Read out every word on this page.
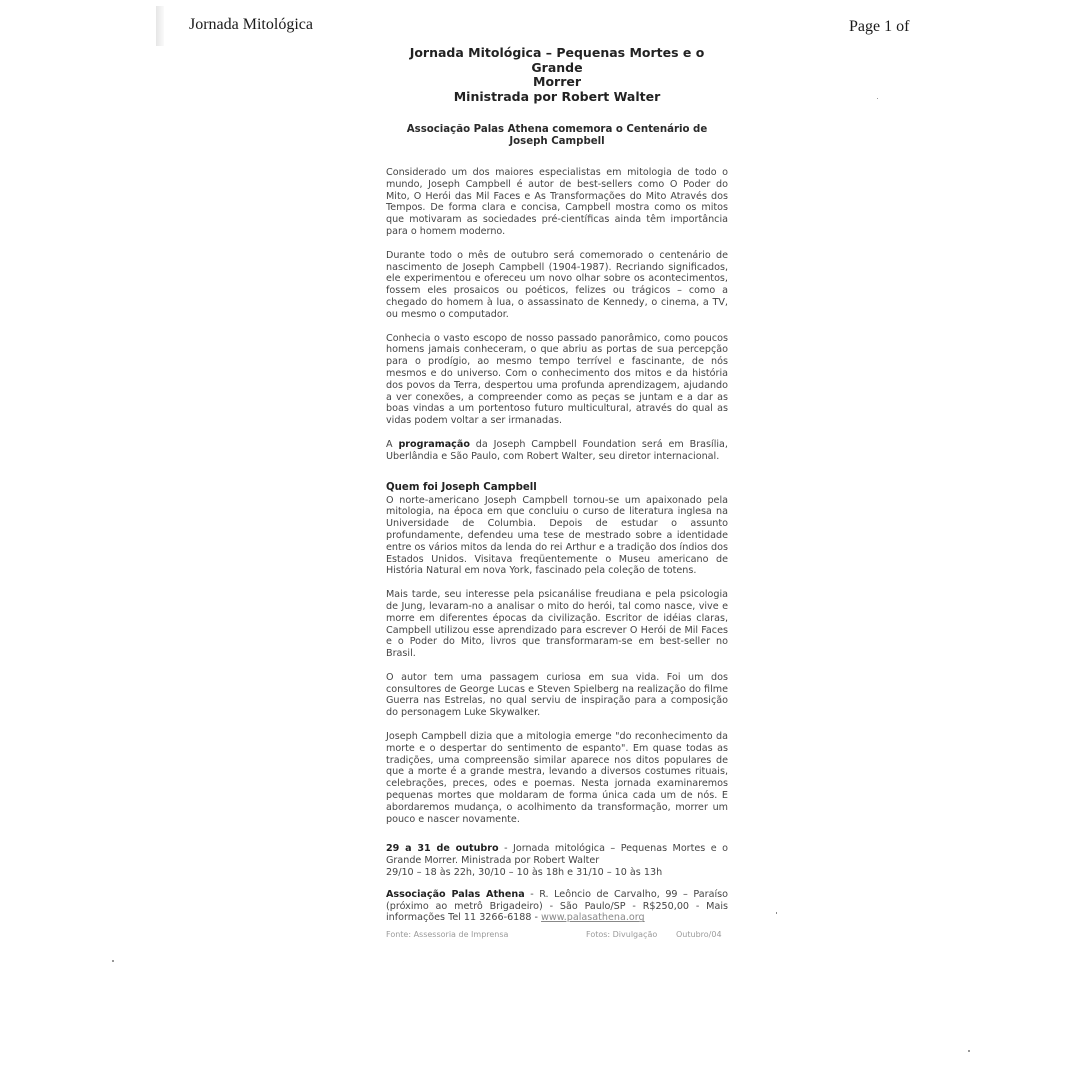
Jornada Mitológica	Page 1 of
Jornada Mitológica – Pequenas Mortes e o Grande
Morrer
Ministrada por Robert Walter
Associação Palas Athena comemora o Centenário de Joseph Campbell

Considerado um dos maiores especialistas em mitologia de todo o mundo, Joseph Campbell é autor de best-sellers como O Poder do Mito, O Herói das Mil Faces e As Transformações do Mito Através dos Tempos. De forma clara e concisa, Campbell mostra como os mitos que motivaram as sociedades pré-científicas ainda têm importância para o homem moderno.

Durante todo o mês de outubro será comemorado o centenário de nascimento de Joseph Campbell (1904-1987). Recriando significados, ele experimentou e ofereceu um novo olhar sobre os acontecimentos, fossem eles prosaicos ou poéticos, felizes ou trágicos – como a chegado do homem à lua, o assassinato de Kennedy, o cinema, a TV, ou mesmo o computador.

Conhecia o vasto escopo de nosso passado panorâmico, como poucos homens jamais conheceram, o que abriu as portas de sua percepção para o prodígio, ao mesmo tempo terrível e fascinante, de nós mesmos e do universo. Com o conhecimento dos mitos e da história dos povos da Terra, despertou uma profunda aprendizagem, ajudando a ver conexões, a compreender como as peças se juntam e a dar as boas vindas a um portentoso futuro multicultural, através do qual as vidas podem voltar a ser irmanadas.

A programação da Joseph Campbell Foundation será em Brasília, Uberlândia e São Paulo, com Robert Walter, seu diretor internacional.

Quem foi Joseph Campbell

O norte-americano Joseph Campbell tornou-se um apaixonado pela mitologia, na época em que concluiu o curso de literatura inglesa na Universidade de Columbia. Depois de estudar o assunto profundamente, defendeu uma tese de mestrado sobre a identidade entre os vários mitos da lenda do rei Arthur e a tradição dos índios dos Estados Unidos. Visitava freqüentemente o Museu americano de História Natural em nova York, fascinado pela coleção de totens.

Mais tarde, seu interesse pela psicanálise freudiana e pela psicologia de Jung, levaram-no a analisar o mito do herói, tal como nasce, vive e morre em diferentes épocas da civilização. Escritor de idéias claras, Campbell utilizou esse aprendizado para escrever O Herói de Mil Faces e o Poder do Mito, livros que transformaram-se em best-seller no Brasil.

O autor tem uma passagem curiosa em sua vida. Foi um dos consultores de George Lucas e Steven Spielberg na realização do filme Guerra nas Estrelas, no qual serviu de inspiração para a composição do personagem Luke Skywalker.

Joseph Campbell dizia que a mitologia emerge "do reconhecimento da morte e o despertar do sentimento de espanto". Em quase todas as tradições, uma compreensão similar aparece nos ditos populares de que a morte é a grande mestra, levando a diversos costumes rituais, celebrações, preces, odes e poemas. Nesta jornada examinaremos pequenas mortes que moldaram de forma única cada um de nós. E abordaremos mudança, o acolhimento da transformação, morrer um pouco e nascer novamente.

29 a 31 de outubro - Jornada mitológica – Pequenas Mortes e o Grande Morrer. Ministrada por Robert Walter
29/10 – 18 às 22h, 30/10 – 10 às 18h e 31/10 – 10 às 13h

Associação Palas Athena - R. Leôncio de Carvalho, 99 – Paraíso (próximo ao metrô Brigadeiro) - São Paulo/SP - R$250,00 - Mais informações Tel 11 3266-6188 - www.palasathena.org

Fonte: Assessoria de Imprensa	Fotos: Divulgação Outubro/04
